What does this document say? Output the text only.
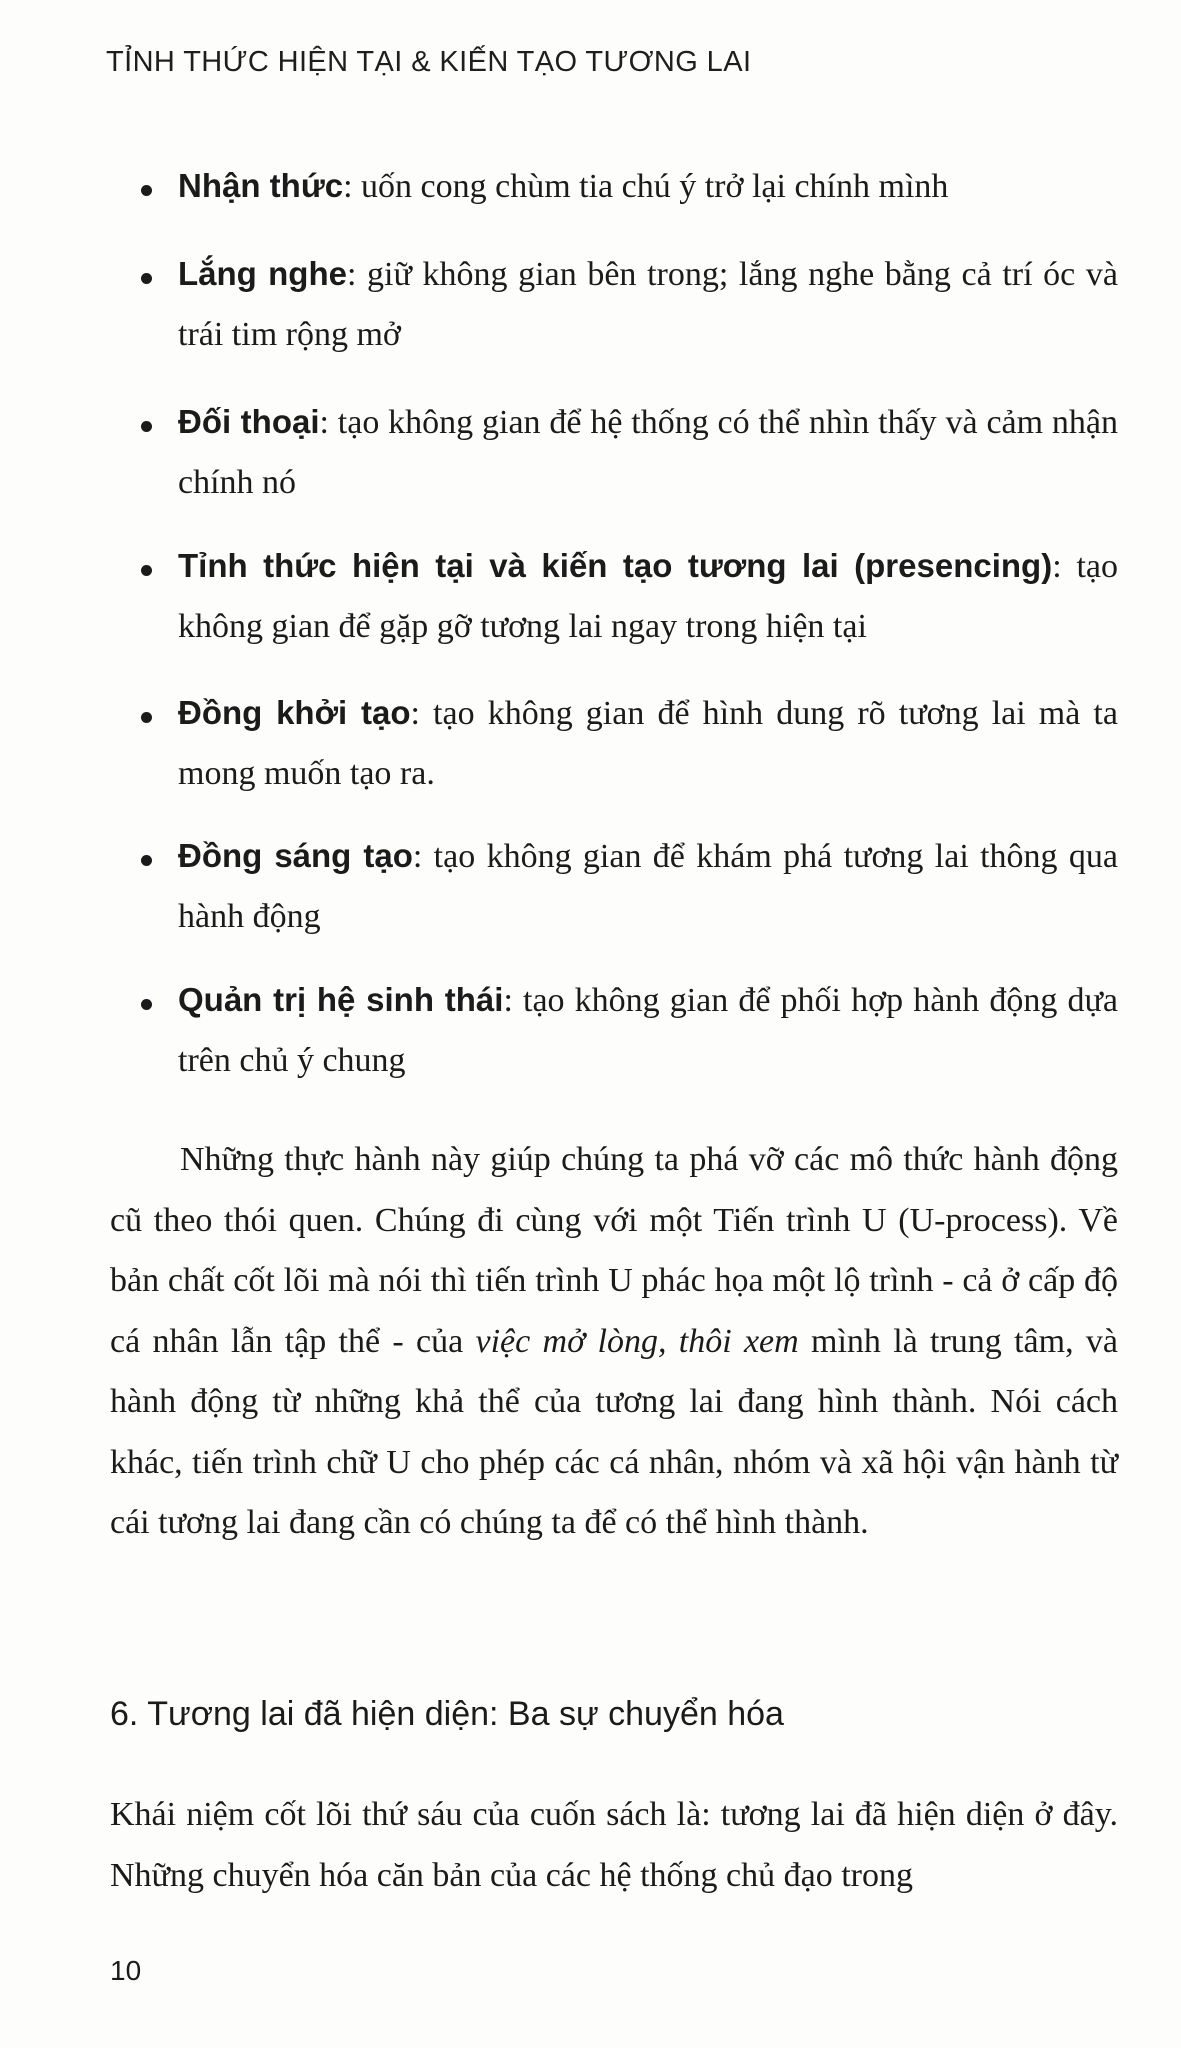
TỈNH THỨC HIỆN TẠI & KIẾN TẠO TƯƠNG LAI
Nhận thức: uốn cong chùm tia chú ý trở lại chính mình
Lắng nghe: giữ không gian bên trong; lắng nghe bằng cả trí óc và trái tim rộng mở
Đối thoại: tạo không gian để hệ thống có thể nhìn thấy và cảm nhận chính nó
Tỉnh thức hiện tại và kiến tạo tương lai (presencing): tạo không gian để gặp gỡ tương lai ngay trong hiện tại
Đồng khởi tạo: tạo không gian để hình dung rõ tương lai mà ta mong muốn tạo ra.
Đồng sáng tạo: tạo không gian để khám phá tương lai thông qua hành động
Quản trị hệ sinh thái: tạo không gian để phối hợp hành động dựa trên chủ ý chung

Những thực hành này giúp chúng ta phá vỡ các mô thức hành động cũ theo thói quen. Chúng đi cùng với một Tiến trình U (U-process). Về bản chất cốt lõi mà nói thì tiến trình U phác họa một lộ trình - cả ở cấp độ cá nhân lẫn tập thể - của việc mở lòng, thôi xem mình là trung tâm, và hành động từ những khả thể của tương lai đang hình thành. Nói cách khác, tiến trình chữ U cho phép các cá nhân, nhóm và xã hội vận hành từ cái tương lai đang cần có chúng ta để có thể hình thành.

6. Tương lai đã hiện diện: Ba sự chuyển hóa

Khái niệm cốt lõi thứ sáu của cuốn sách là: tương lai đã hiện diện ở đây. Những chuyển hóa căn bản của các hệ thống chủ đạo trong

10
